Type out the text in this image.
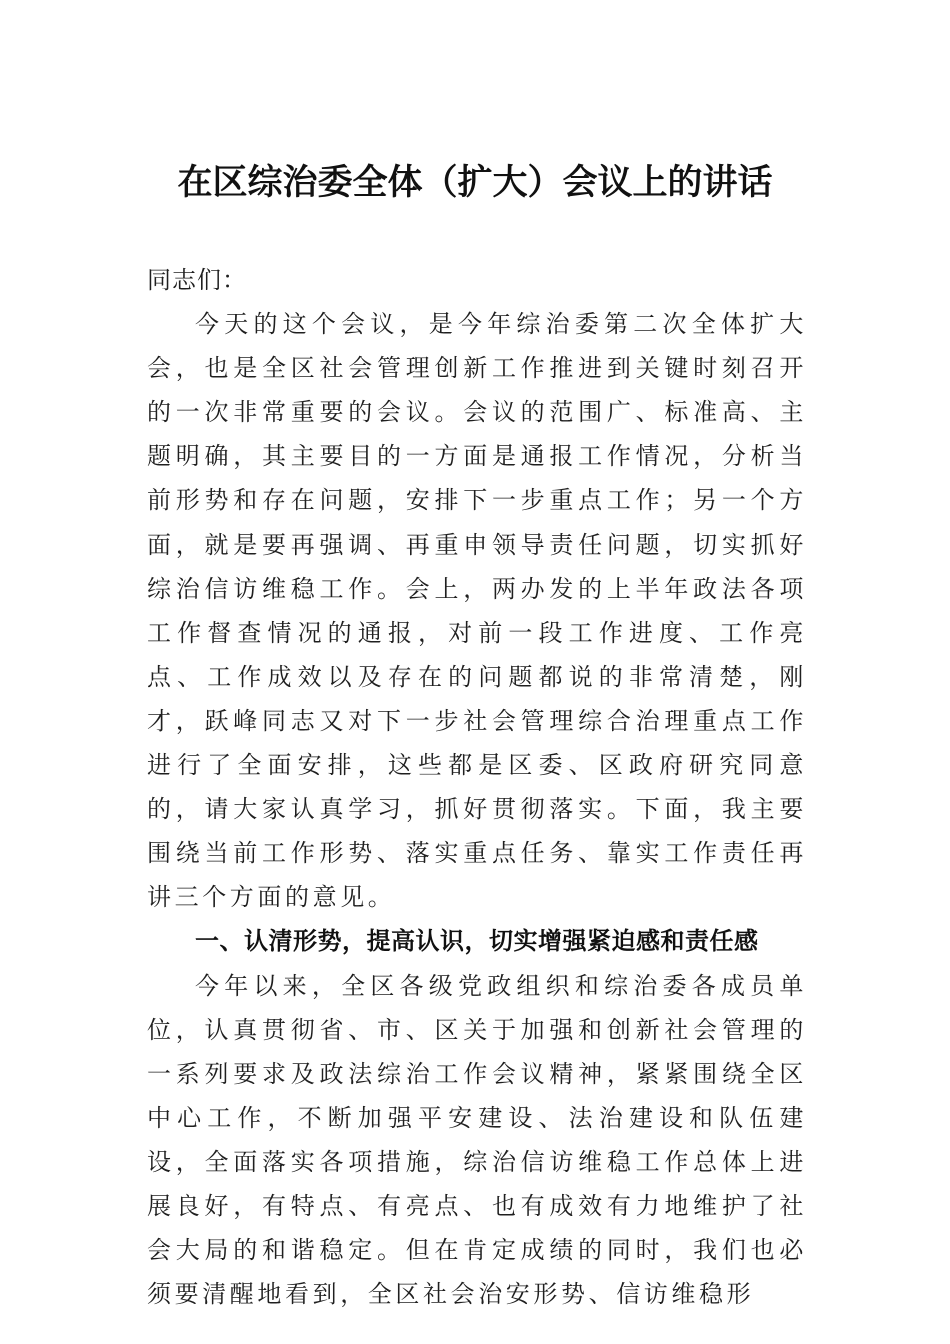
在区综治委全体（扩大）会议上的讲话

同志们：

今天的这个会议，是今年综治委第二次全体扩大会，也是全区社会管理创新工作推进到关键时刻召开的一次非常重要的会议。会议的范围广、标准高、主题明确，其主要目的一方面是通报工作情况，分析当前形势和存在问题，安排下一步重点工作；另一个方面，就是要再强调、再重申领导责任问题，切实抓好综治信访维稳工作。会上，两办发的上半年政法各项工作督查情况的通报，对前一段工作进度、工作亮点、工作成效以及存在的问题都说的非常清楚，刚才，跃峰同志又对下一步社会管理综合治理重点工作进行了全面安排，这些都是区委、区政府研究同意的，请大家认真学习，抓好贯彻落实。下面，我主要围绕当前工作形势、落实重点任务、靠实工作责任再讲三个方面的意见。

一、认清形势，提高认识，切实增强紧迫感和责任感

今年以来，全区各级党政组织和综治委各成员单位，认真贯彻省、市、区关于加强和创新社会管理的一系列要求及政法综治工作会议精神，紧紧围绕全区中心工作，不断加强平安建设、法治建设和队伍建设，全面落实各项措施，综治信访维稳工作总体上进展良好，有特点、有亮点、也有成效有力地维护了社会大局的和谐稳定。但在肯定成绩的同时，我们也必须要清醒地看到，全区社会治安形势、信访维稳形
